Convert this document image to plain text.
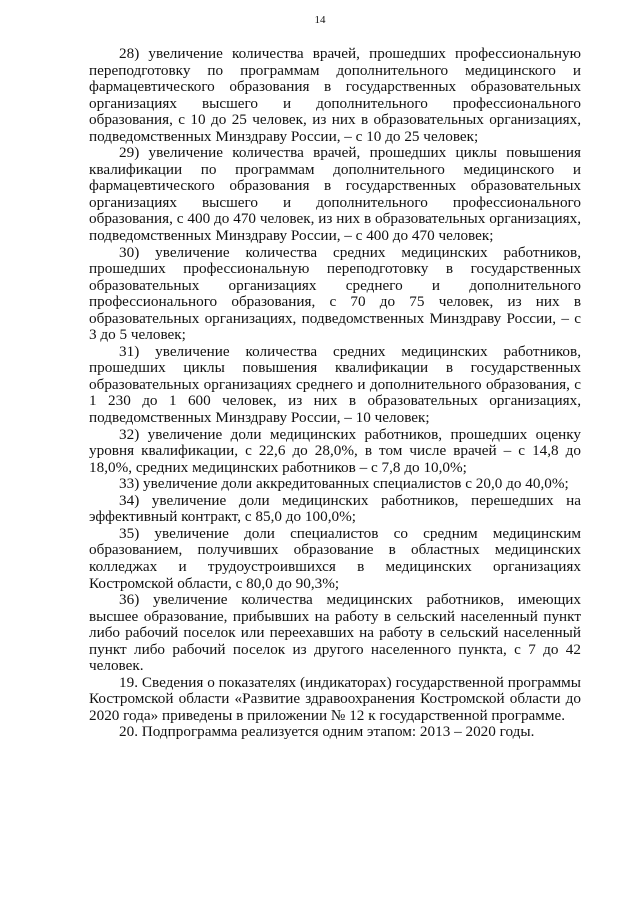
14

28) увеличение количества врачей, прошедших профессиональную переподготовку по программам дополнительного медицинского и фармацевтического образования в государственных образовательных организациях высшего и дополнительного профессионального образования, с 10 до 25 человек, из них в образовательных организациях, подведомственных Минздраву России, – с 10 до 25 человек;

29) увеличение количества врачей, прошедших циклы повышения квалификации по программам дополнительного медицинского и фармацевтического образования в государственных образовательных организациях высшего и дополнительного профессионального образования, с 400 до 470 человек, из них в образовательных организациях, подведомственных Минздраву России, – с 400 до 470 человек;

30) увеличение количества средних медицинских работников, прошедших профессиональную переподготовку в государственных образовательных организациях среднего и дополнительного профессионального образования, с 70 до 75 человек, из них в образовательных организациях, подведомственных Минздраву России, – с 3 до 5 человек;

31) увеличение количества средних медицинских работников, прошедших циклы повышения квалификации в государственных образовательных организациях среднего и дополнительного образования, с 1 230 до 1 600 человек, из них в образовательных организациях, подведомственных Минздраву России, – 10 человек;

32) увеличение доли медицинских работников, прошедших оценку уровня квалификации, с 22,6 до 28,0%, в том числе врачей – с 14,8 до 18,0%, средних медицинских работников – с 7,8 до 10,0%;

33) увеличение доли аккредитованных специалистов с 20,0 до 40,0%;

34) увеличение доли медицинских работников, перешедших на эффективный контракт, с 85,0 до 100,0%;

35) увеличение доли специалистов со средним медицинским образованием, получивших образование в областных медицинских колледжах и трудоустроившихся в медицинских организациях Костромской области, с 80,0 до 90,3%;

36) увеличение количества медицинских работников, имеющих высшее образование, прибывших на работу в сельский населенный пункт либо рабочий поселок или переехавших на работу в сельский населенный пункт либо рабочий поселок из другого населенного пункта, с 7 до 42 человек.

19. Сведения о показателях (индикаторах) государственной программы Костромской области «Развитие здравоохранения Костромской области до 2020 года» приведены в приложении № 12 к государственной программе.

20. Подпрограмма реализуется одним этапом: 2013 – 2020 годы.
